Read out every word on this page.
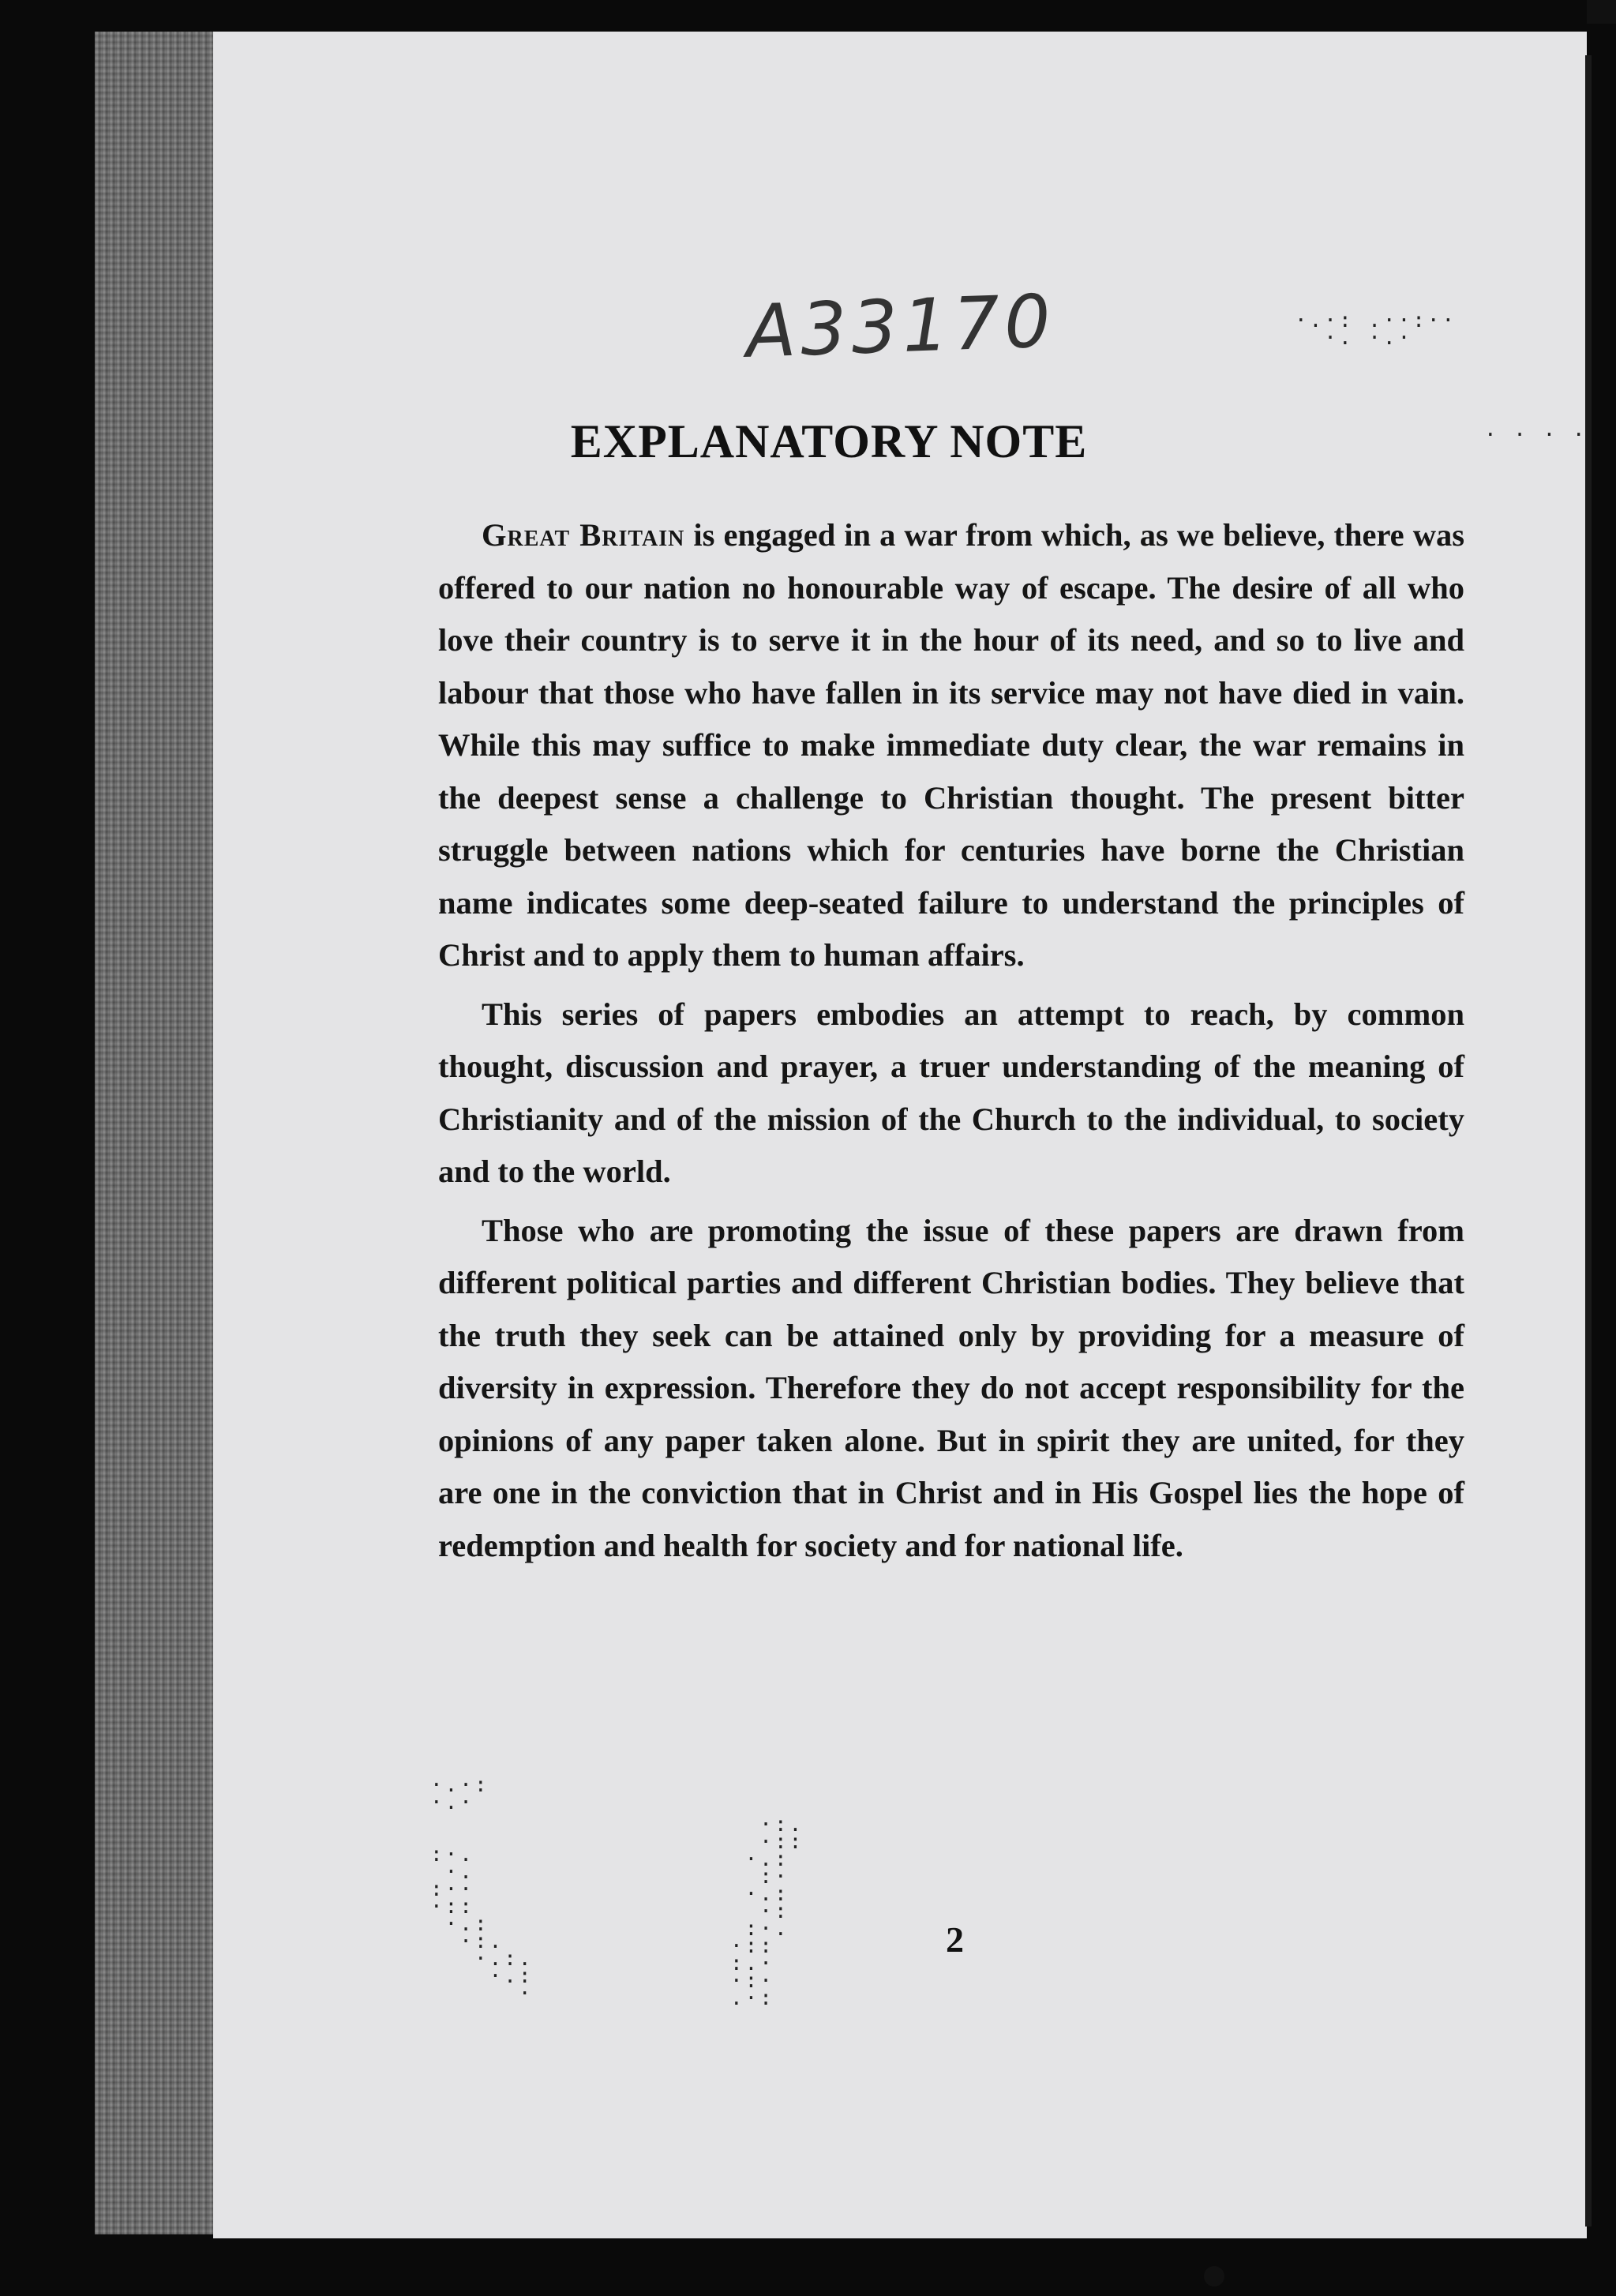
A33170	·.·: .··:··
·. ·.·
· · · ·
·.·:
·.·

:·.
·.
:··
·::
·.:
·:.
·.:.
·.:
·
·:.
·::
·.:
:·
·.:
·:
:·.
·::
:.·
·:·
.·:
EXPLANATORY NOTE

Great Britain is engaged in a war from which, as we believe, there was offered to our nation no honourable way of escape. The desire of all who love their country is to serve it in the hour of its need, and so to live and labour that those who have fallen in its service may not have died in vain. While this may suffice to make immediate duty clear, the war remains in the deepest sense a challenge to Christian thought. The present bitter struggle between nations which for centuries have borne the Christian name indicates some deep-seated failure to understand the principles of Christ and to apply them to human affairs.

This series of papers embodies an attempt to reach, by common thought, discussion and prayer, a truer understanding of the meaning of Christianity and of the mission of the Church to the individual, to society and to the world.

Those who are promoting the issue of these papers are drawn from different political parties and different Christian bodies. They believe that the truth they seek can be attained only by providing for a measure of diversity in expression. Therefore they do not accept responsibility for the opinions of any paper taken alone. But in spirit they are united, for they are one in the conviction that in Christ and in His Gospel lies the hope of redemption and health for society and for national life.

2
